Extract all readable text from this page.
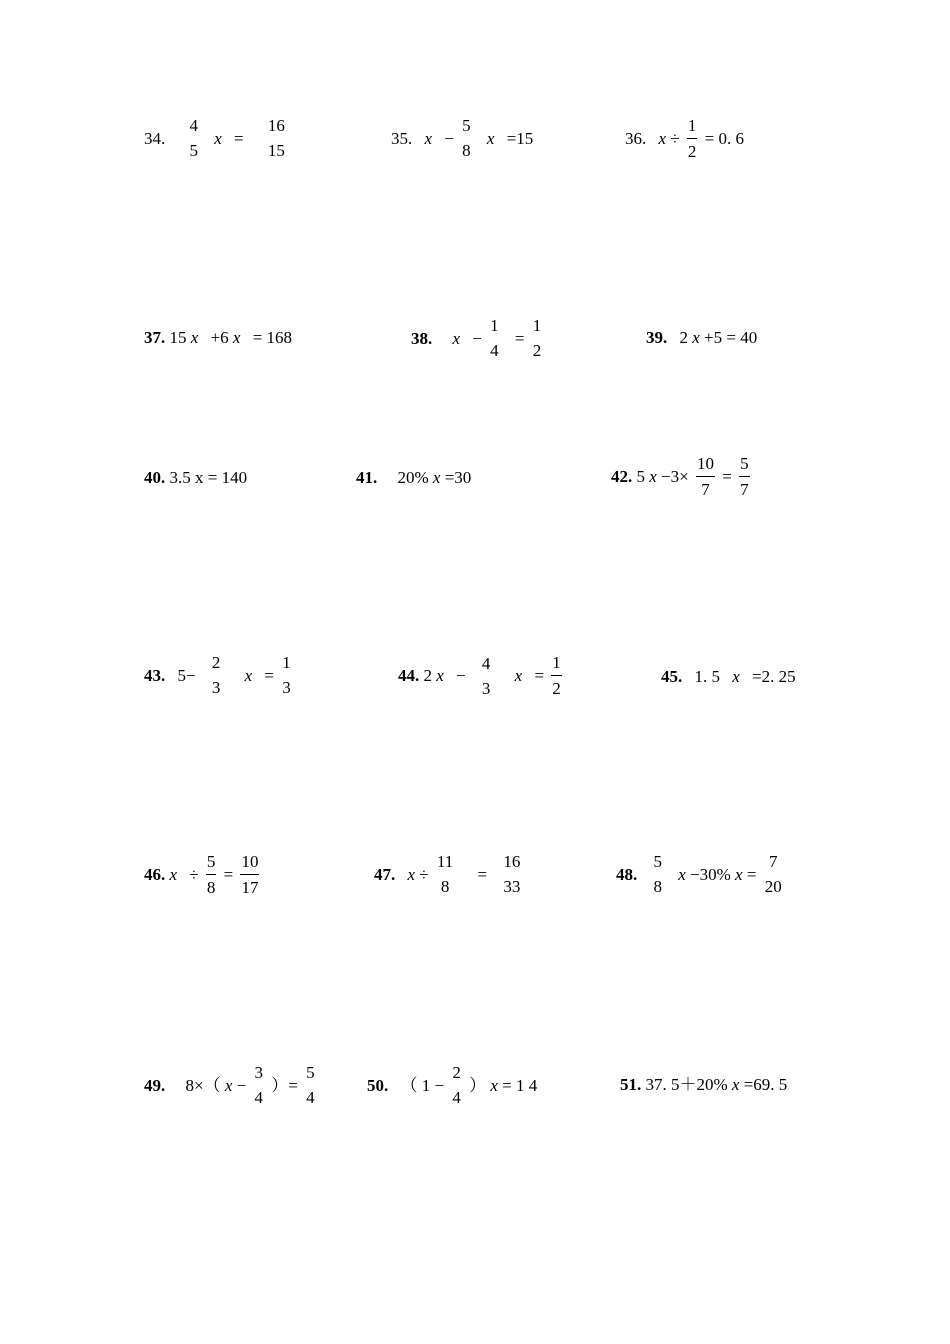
34.
4
5
x =
16
15
35. x −
5
8
x =15	36. $x \div \frac{1}{2} = 0$. 6
37. 15 x +6 x = 168	38. x −
1
4
=
1
2
39. 2 x +5 = 40
40. 3.5 x = 140	41. 20% x =30	42. 5 $x -3\times \frac{10}{7} = \frac{5}{7}$
43. 5−
2
3
x =
1
3
44. 2 x −
4
3
$x = \frac{1}{2}$	45. 1. 5 x =2. 25
46. $x \div \frac{5}{8} = \frac{10}{17}$	47. x ÷
11
8
=
16
33
48.
5
8
x −30% x =
7
20
49. 8×（ x −
3
4
）=
5
4
50. （ 1 −
2
4
） x = 1 4	51. 37. 5＋20% x =69. 5
